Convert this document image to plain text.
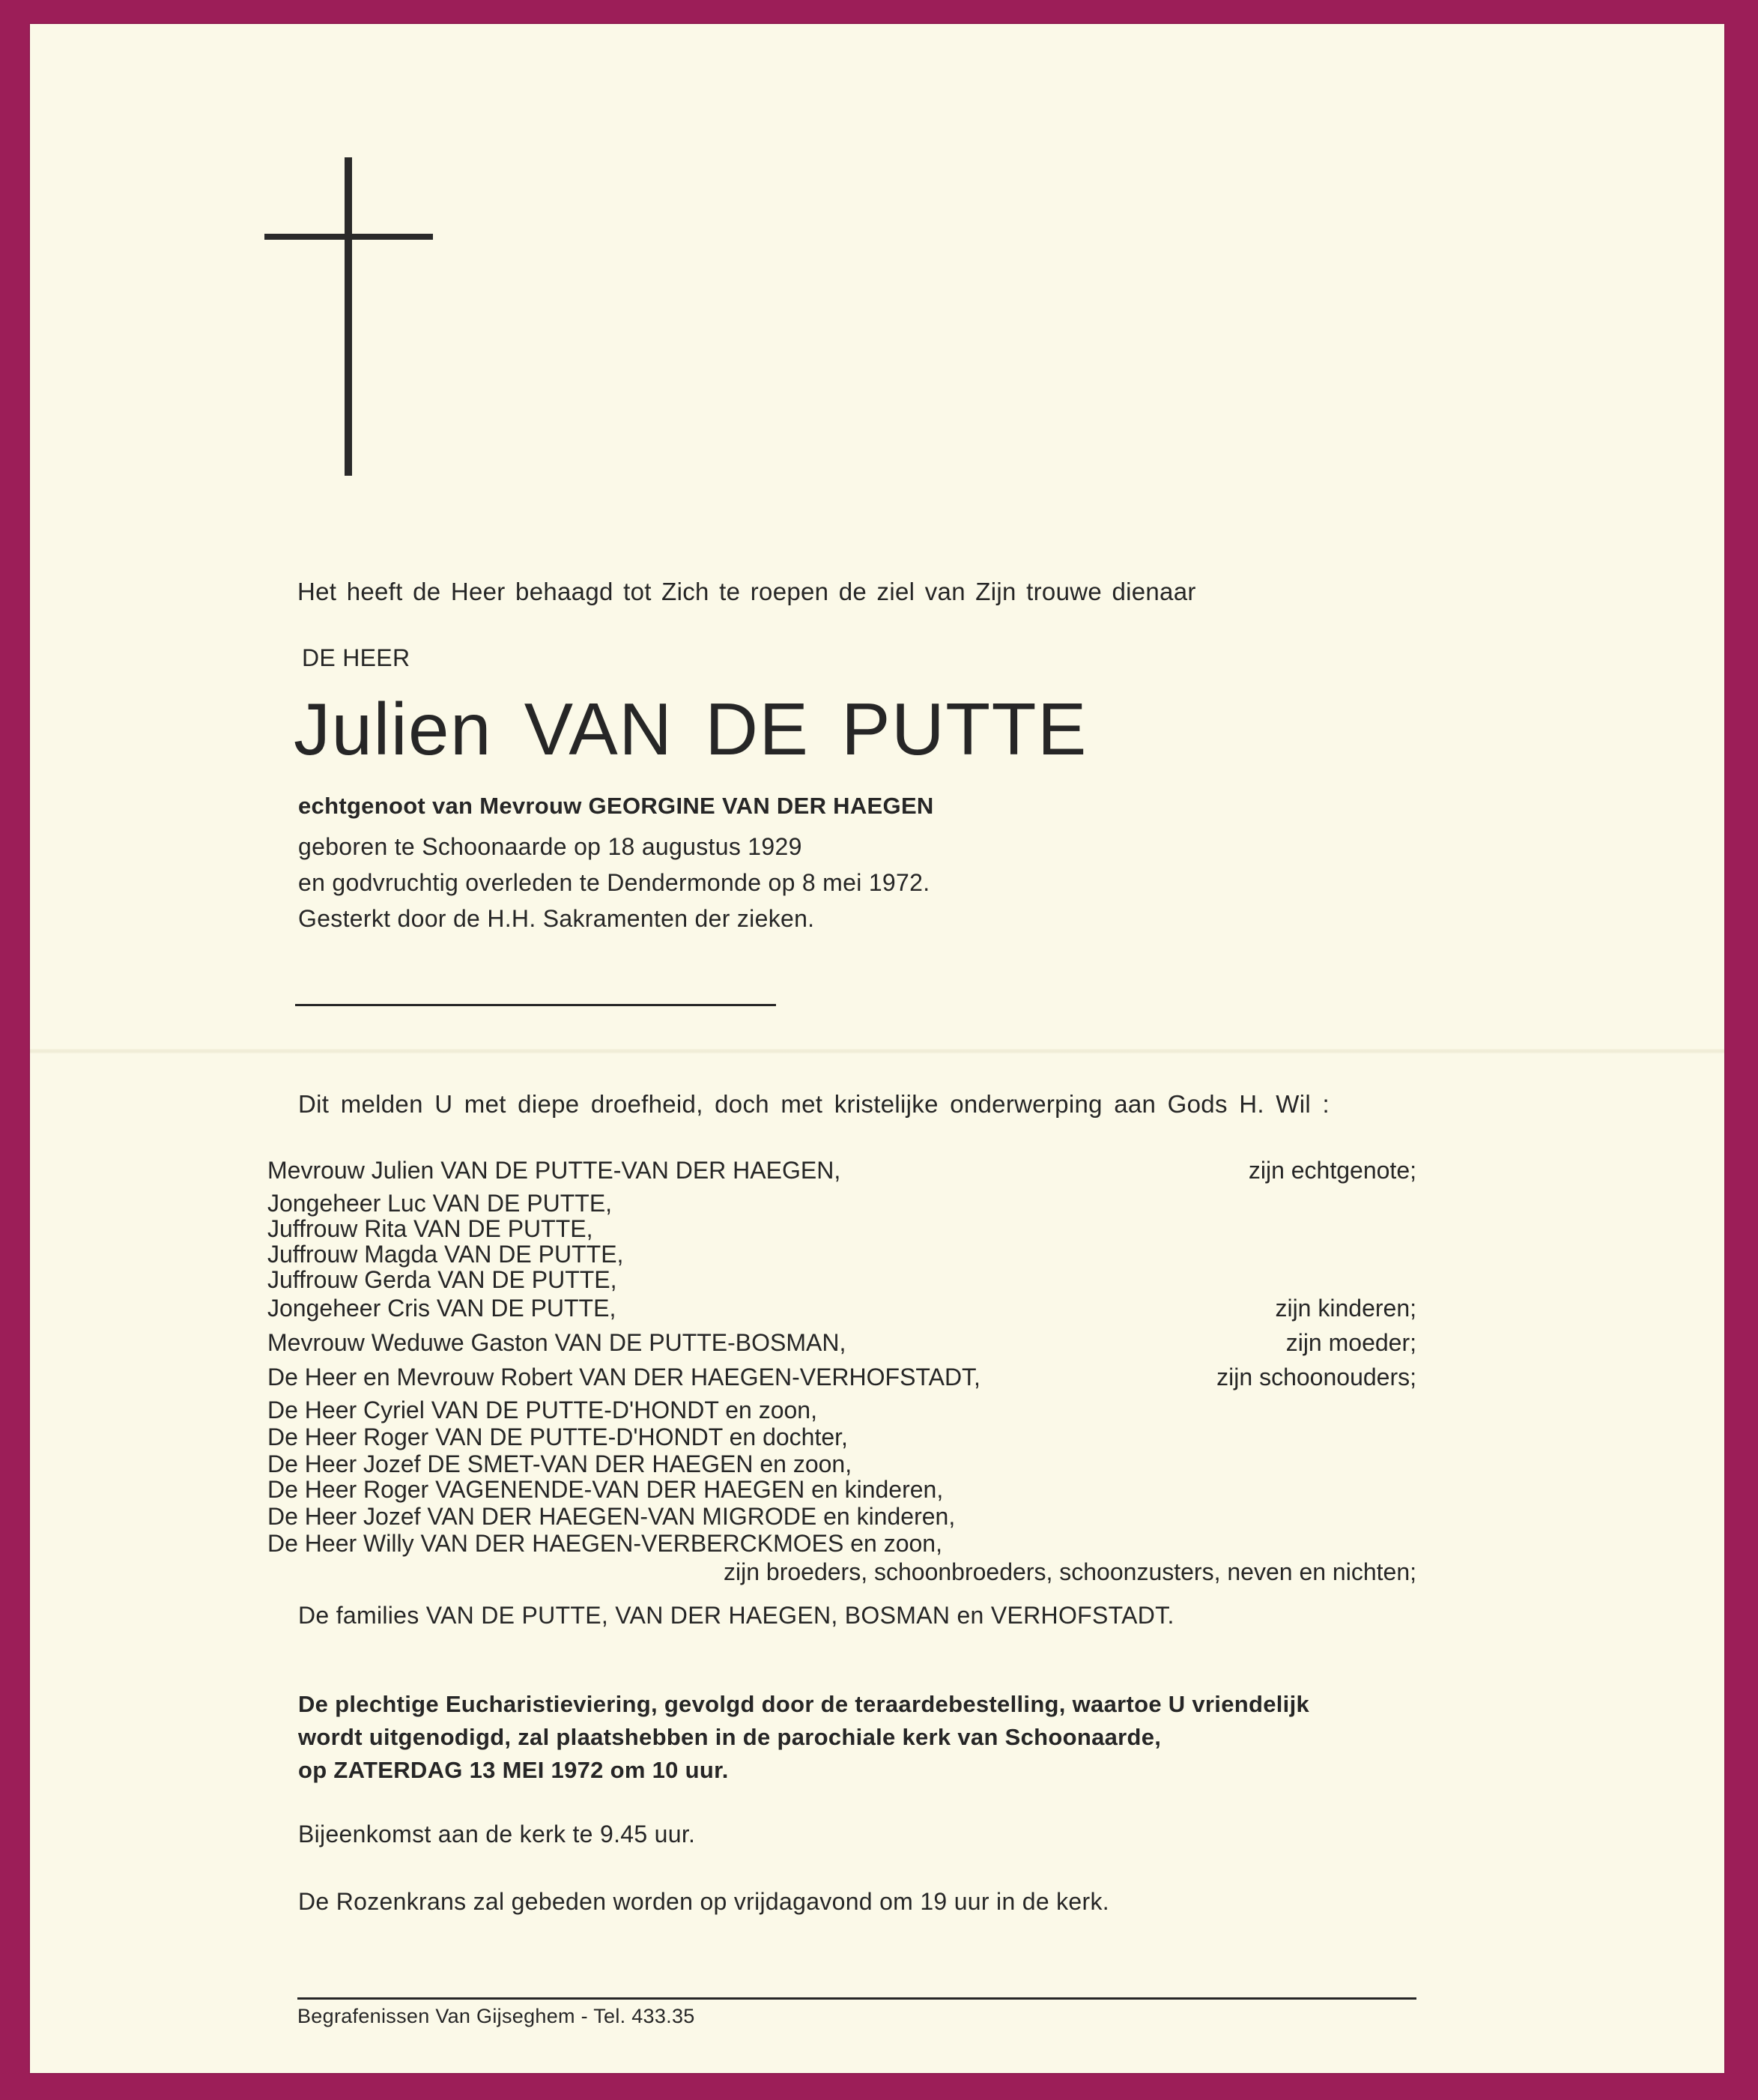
Het heeft de Heer behaagd tot Zich te roepen de ziel van Zijn trouwe dienaar
DE HEER
Julien VAN DE PUTTE
echtgenoot van Mevrouw GEORGINE VAN DER HAEGEN
geboren te Schoonaarde op 18 augustus 1929
en godvruchtig overleden te Dendermonde op 8 mei 1972.
Gesterkt door de H.H. Sakramenten der zieken.
Dit melden U met diepe droefheid, doch met kristelijke onderwerping aan Gods H. Wil :
Mevrouw Julien VAN DE PUTTE-VAN DER HAEGEN,	zijn echtgenote;
Jongeheer Luc VAN DE PUTTE,
Juffrouw Rita VAN DE PUTTE,
Juffrouw Magda VAN DE PUTTE,
Juffrouw Gerda VAN DE PUTTE,
Jongeheer Cris VAN DE PUTTE,	zijn kinderen;
Mevrouw Weduwe Gaston VAN DE PUTTE-BOSMAN,	zijn moeder;
De Heer en Mevrouw Robert VAN DER HAEGEN-VERHOFSTADT,	zijn schoonouders;
De Heer Cyriel VAN DE PUTTE-D'HONDT en zoon,
De Heer Roger VAN DE PUTTE-D'HONDT en dochter,
De Heer Jozef DE SMET-VAN DER HAEGEN en zoon,
De Heer Roger VAGENENDE-VAN DER HAEGEN en kinderen,
De Heer Jozef VAN DER HAEGEN-VAN MIGRODE en kinderen,
De Heer Willy VAN DER HAEGEN-VERBERCKMOES en zoon,
zijn broeders, schoonbroeders, schoonzusters, neven en nichten;
De families VAN DE PUTTE, VAN DER HAEGEN, BOSMAN en VERHOFSTADT.
De plechtige Eucharistieviering, gevolgd door de teraardebestelling, waartoe U vriendelijk
wordt uitgenodigd, zal plaatshebben in de parochiale kerk van Schoonaarde,
op ZATERDAG 13 MEI 1972 om 10 uur.
Bijeenkomst aan de kerk te 9.45 uur.
De Rozenkrans zal gebeden worden op vrijdagavond om 19 uur in de kerk.
Begrafenissen Van Gijseghem - Tel. 433.35
